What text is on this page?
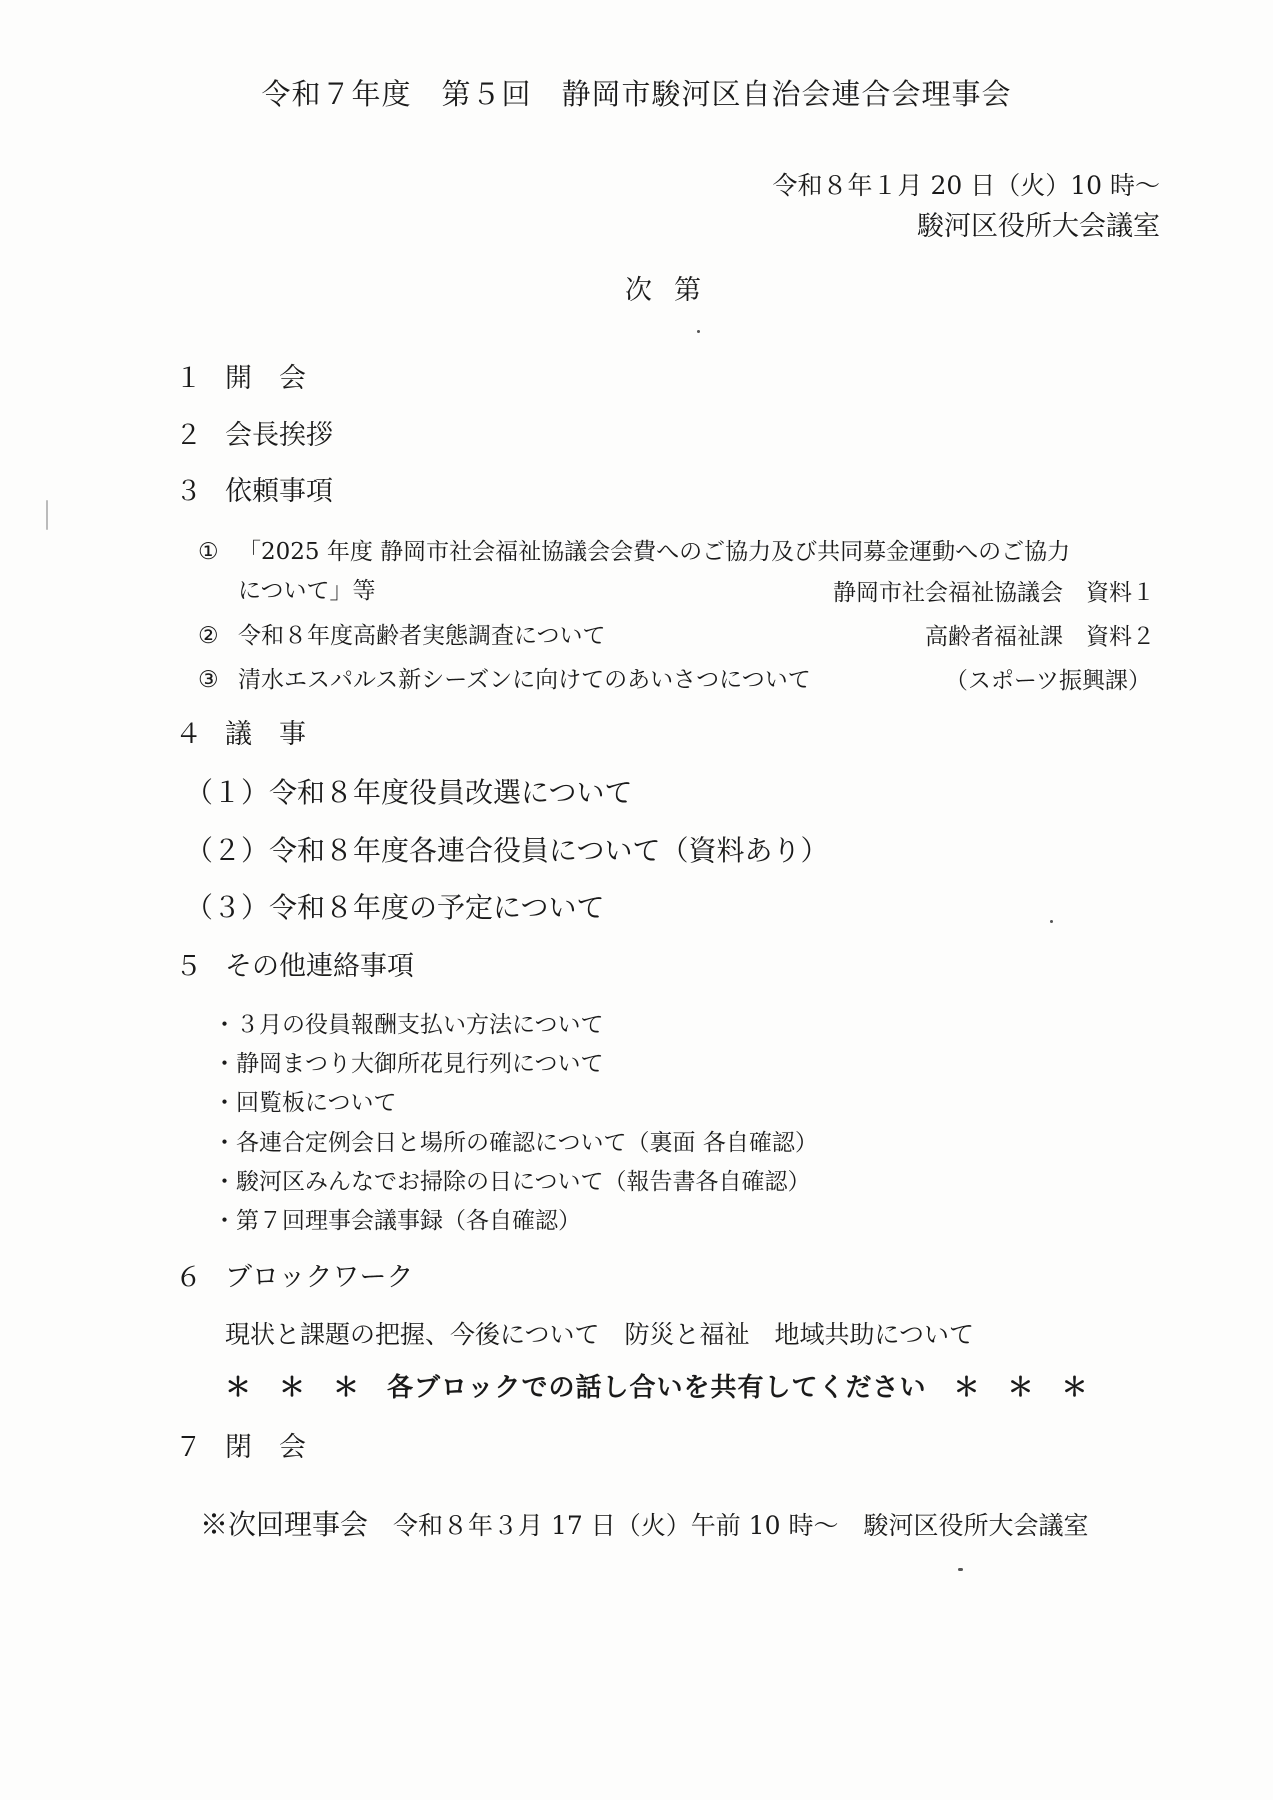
令和７年度　第５回　静岡市駿河区自治会連合会理事会
令和８年１月 20 日（火）10 時～
駿河区役所大会議室
次第
１ 開　会
２ 会長挨拶
３ 依頼事項
① 「2025 年度 静岡市社会福祉協議会会費へのご協力及び共同募金運動へのご協力
について」等	静岡市社会福祉協議会　資料１
② 令和８年度高齢者実態調査について	高齢者福祉課　資料２
③ 清水エスパルス新シーズンに向けてのあいさつについて	（スポーツ振興課）
４ 議　事
（１）令和８年度役員改選について
（２）令和８年度各連合役員について（資料あり）
（３）令和８年度の予定について
５ その他連絡事項
・３月の役員報酬支払い方法について
・静岡まつり大御所花見行列について
・回覧板について
・各連合定例会日と場所の確認について（裏面 各自確認）
・駿河区みんなでお掃除の日について（報告書各自確認）
・第７回理事会議事録（各自確認）
６ ブロックワーク
現状と課題の把握、今後について　防災と福祉　地域共助について
＊　＊　＊　各ブロックでの話し合いを共有してください　＊　＊　＊
７ 閉　会
※次回理事会　 令和８年３月 17 日（火）午前 10 時～　駿河区役所大会議室
